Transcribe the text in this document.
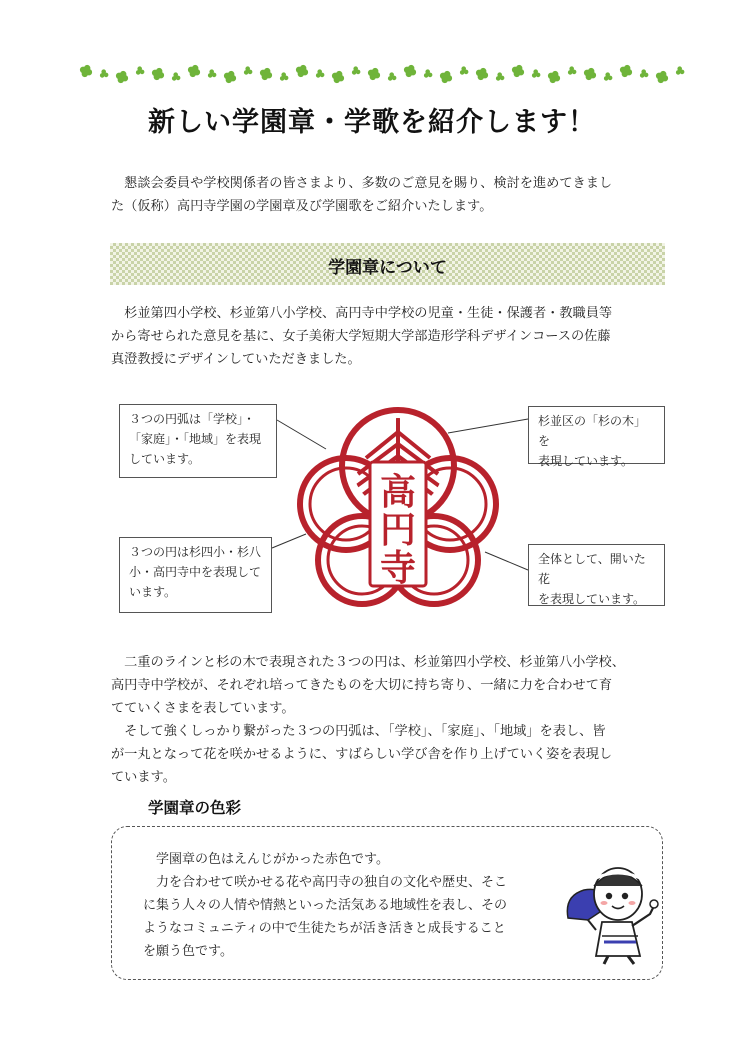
新しい学園章・学歌を紹介します！
　懇談会委員や学校関係者の皆さまより、多数のご意見を賜り、検討を進めてきまし
た（仮称）高円寺学園の学園章及び学園歌をご紹介いたします。
学園章について
　杉並第四小学校、杉並第八小学校、高円寺中学校の児童・生徒・保護者・教職員等
から寄せられた意見を基に、女子美術大学短期大学部造形学科デザインコースの佐藤
真澄教授にデザインしていただきました。
３つの円弧は「学校」・
「家庭」・「地域」を表現
しています。
杉並区の「杉の木」を
表現しています。
３つの円は杉四小・杉八
小・高円寺中を表現して
います。
全体として、開いた花
を表現しています。
高
円
寺
　二重のラインと杉の木で表現された３つの円は、杉並第四小学校、杉並第八小学校、
高円寺中学校が、それぞれ培ってきたものを大切に持ち寄り、一緒に力を合わせて育
てていくさまを表しています。
　そして強くしっかり繋がった３つの円弧は、「学校」、「家庭」、「地域」を表し、皆
が一丸となって花を咲かせるように、すばらしい学び舎を作り上げていく姿を表現し
ています。
学園章の色彩
　学園章の色はえんじがかった赤色です。
　力を合わせて咲かせる花や高円寺の独自の文化や歴史、そこ
に集う人々の人情や情熱といった活気ある地域性を表し、その
ようなコミュニティの中で生徒たちが活き活きと成長すること
を願う色です。
